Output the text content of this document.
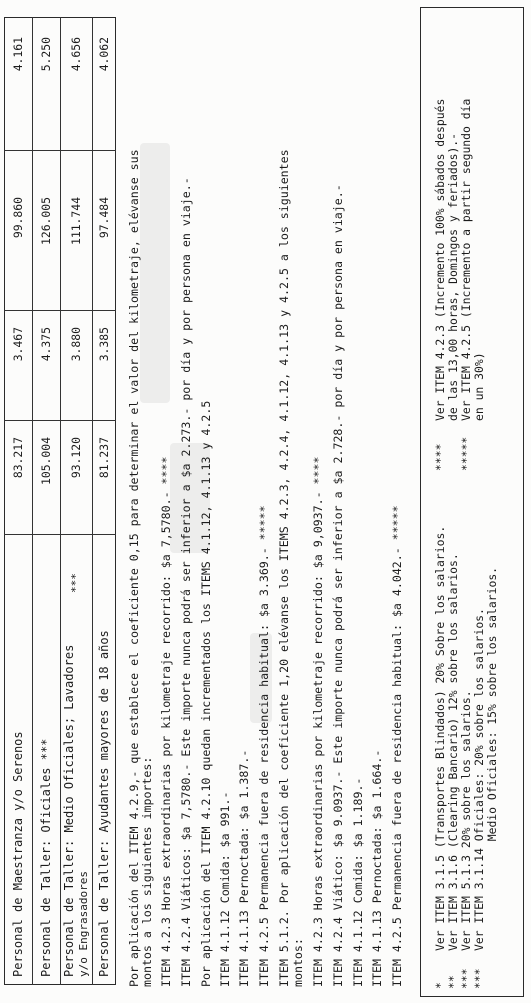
Personal de Maestranza y/o Serenos
83.217
3.467
99.860
4.161
Personal de Taller: Oficiales ***
105.004
4.375
126.005
5.250
Personal de Taller: Medio Oficiales; Lavadores y/o Engrasadores
***
93.120
3.880
111.744
4.656
Personal de Taller: Ayudantes mayores de 18 años
81.237
3.385
97.484
4.062
Por aplicación del ITEM 4.2.9,- que establece el coeficiente 0,15 para determinar el valor del kilometraje, elévanse sus montos a los siguientes importes: ITEM 4.2.3 Horas extraordinarias por kilometraje recorrido: $a 7,5780.- **** ITEM 4.2.4 Viáticos: $a 7,5780.- Este importe nunca podrá ser inferior a $a 2.273.- por día y por persona en viaje.- Por aplicación del ITEM 4.2.10 quedan incrementados los ITEMS 4.1.12, 4.1.13 y 4.2.5 ITEM 4.1.12 Comida: $a 991.- ITEM 4.1.13 Pernoctada: $a 1.387.- ITEM 4.2.5 Permanencia fuera de residencia habitual: $a 3.369.- ***** ITEM 5.1.2. Por aplicación del coeficiente 1,20 elévanse los ITEMS 4.2.3, 4.2.4, 4.1.12, 4.1.13 y 4.2.5 a los siguientes montos: ITEM 4.2.3 Horas extraordinarias por kilometraje recorrido: $a 9,0937.- **** ITEM 4.2.4 Viático: $a 9.0937.- Este importe nunca podrá ser inferior a $a 2.728.- por día y por persona en viaje.- ITEM 4.1.12 Comida: $a 1.189.- ITEM 4.1.13 Pernoctada: $a 1.664.- ITEM 4.2.5 Permanencia fuera de residencia habitual: $a 4.042.- *****	* ** *** ***
Ver ITEM 3.1.5 (Transportes Blindados) 20% Sobre los salarios. Ver ITEM 3.1.6 (Clearing Bancario) 12% sobre los salarios. Ver ITEM 5.1.3 20% sobre los salarios. Ver ITEM 3.1.14 Oficiales: 20% sobre los salarios. Medio Oficiales: 15% sobre los salarios.
**** *****
Ver ITEM 4.2.3 (Incremento 100% sábados después de las 13,00 horas, Domingos y feriados).- Ver ITEM 4.2.5 (Incremento a partir segundo día en un 30%)
